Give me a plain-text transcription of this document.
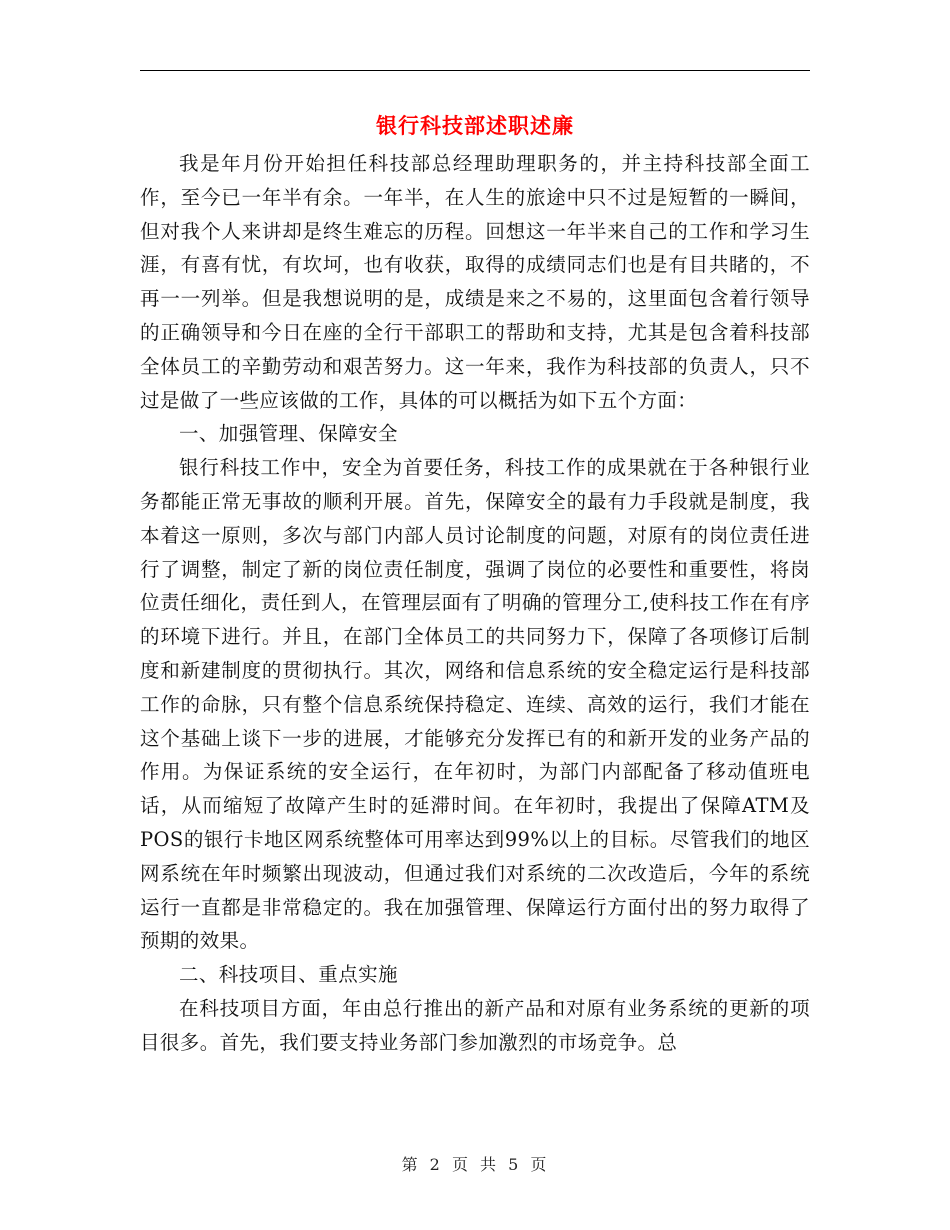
银行科技部述职述廉

我是年月份开始担任科技部总经理助理职务的，并主持科技部全面工作，至今已一年半有余。一年半，在人生的旅途中只不过是短暂的一瞬间，但对我个人来讲却是终生难忘的历程。回想这一年半来自己的工作和学习生涯，有喜有忧，有坎坷，也有收获，取得的成绩同志们也是有目共睹的，不再一一列举。但是我想说明的是，成绩是来之不易的，这里面包含着行领导的正确领导和今日在座的全行干部职工的帮助和支持，尤其是包含着科技部全体员工的辛勤劳动和艰苦努力。这一年来，我作为科技部的负责人，只不过是做了一些应该做的工作，具体的可以概括为如下五个方面：

一、加强管理、保障安全

银行科技工作中，安全为首要任务，科技工作的成果就在于各种银行业务都能正常无事故的顺利开展。首先，保障安全的最有力手段就是制度，我本着这一原则，多次与部门内部人员讨论制度的问题，对原有的岗位责任进行了调整，制定了新的岗位责任制度，强调了岗位的必要性和重要性，将岗位责任细化，责任到人，在管理层面有了明确的管理分工,使科技工作在有序的环境下进行。并且，在部门全体员工的共同努力下，保障了各项修订后制度和新建制度的贯彻执行。其次，网络和信息系统的安全稳定运行是科技部工作的命脉，只有整个信息系统保持稳定、连续、高效的运行，我们才能在这个基础上谈下一步的进展，才能够充分发挥已有的和新开发的业务产品的作用。为保证系统的安全运行，在年初时，为部门内部配备了移动值班电话，从而缩短了故障产生时的延滞时间。在年初时，我提出了保障ATM及POS的银行卡地区网系统整体可用率达到99%以上的目标。尽管我们的地区网系统在年时频繁出现波动，但通过我们对系统的二次改造后，今年的系统运行一直都是非常稳定的。我在加强管理、保障运行方面付出的努力取得了预期的效果。

二、科技项目、重点实施

在科技项目方面，年由总行推出的新产品和对原有业务系统的更新的项目很多。首先，我们要支持业务部门参加激烈的市场竞争。总

第 2 页 共 5 页
